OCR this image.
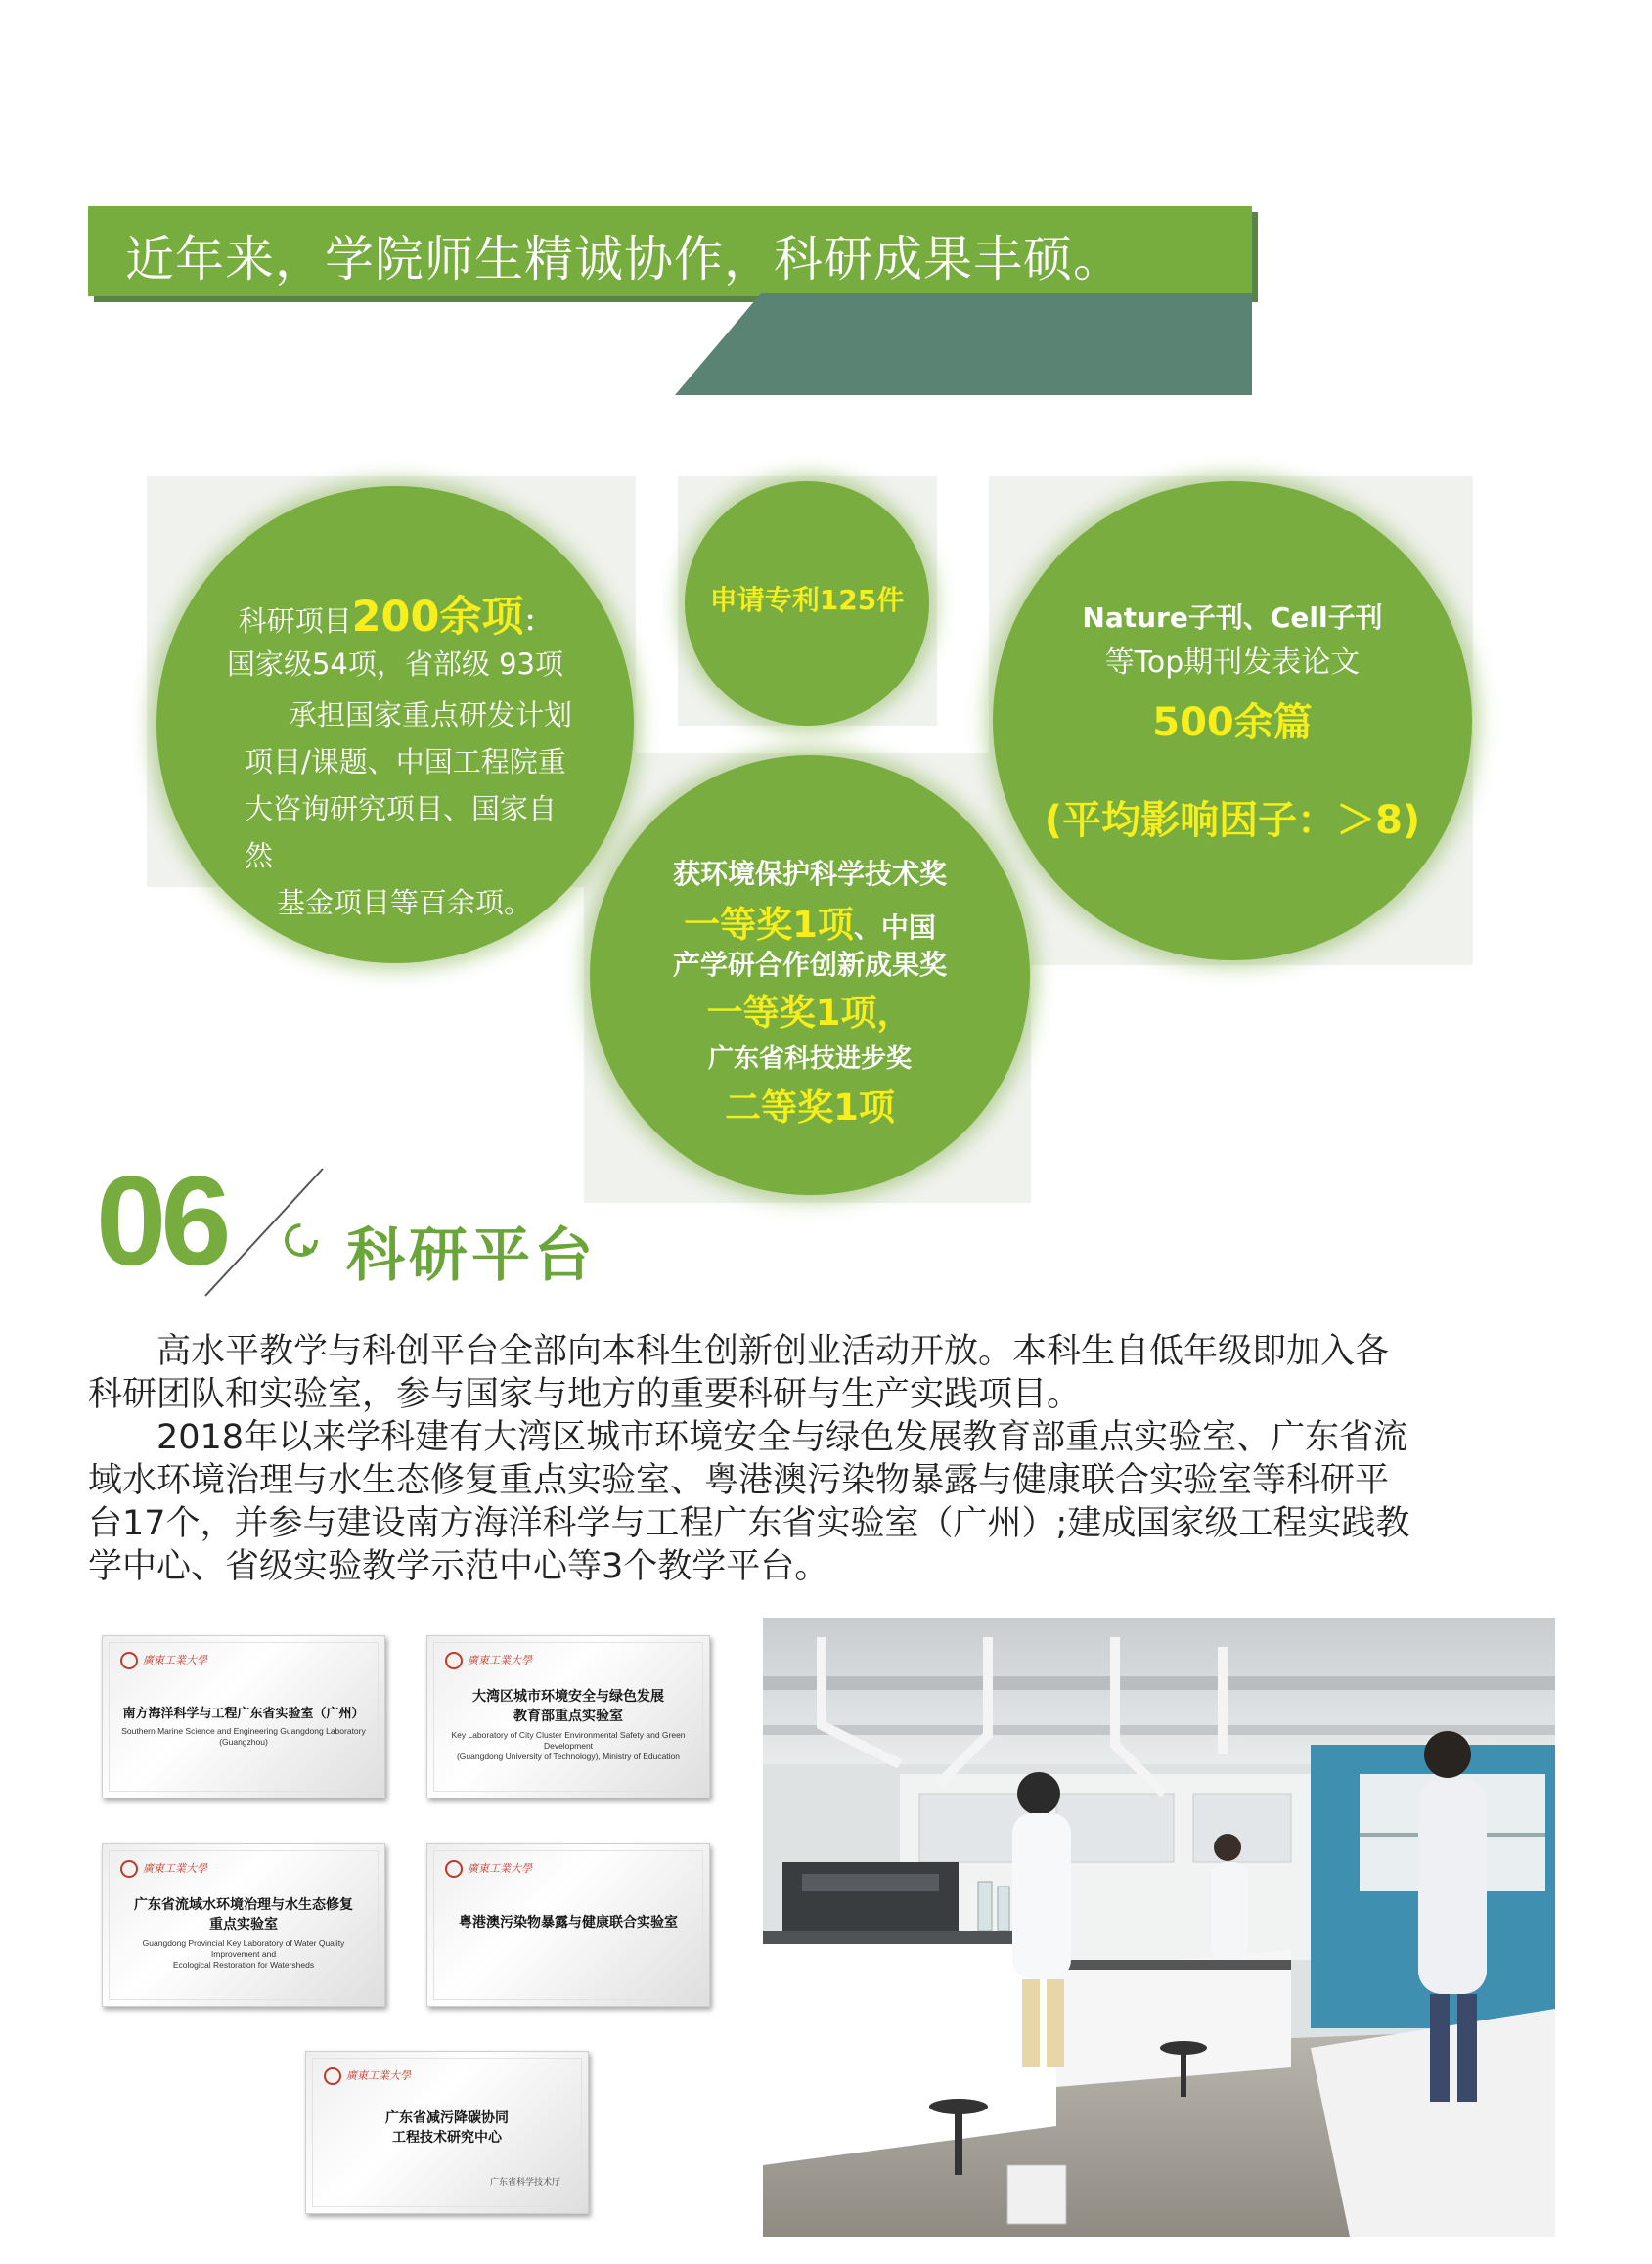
近年来，学院师生精诚协作，科研成果丰硕。
科研项目200余项：
国家级54项，省部级 93项
承担国家重点研发计划
项目/课题、中国工程院重
大咨询研究项目、国家自然
基金项目等百余项。
申请专利125件
Nature子刊、Cell子刊
等Top期刊发表论文
500余篇
(平均影响因子：＞8)
获环境保护科学技术奖
一等奖1项、中国
产学研合作创新成果奖
一等奖1项，
广东省科技进步奖
二等奖1项
06 科研平台
　　高水平教学与科创平台全部向本科生创新创业活动开放。本科生自低年级即加入各
科研团队和实验室，参与国家与地方的重要科研与生产实践项目。
　　2018年以来学科建有大湾区城市环境安全与绿色发展教育部重点实验室、广东省流
域水环境治理与水生态修复重点实验室、粤港澳污染物暴露与健康联合实验室等科研平
台17个，并参与建设南方海洋科学与工程广东省实验室（广州）;建成国家级工程实践教
学中心、省级实验教学示范中心等3个教学平台。
廣東工業大學
南方海洋科学与工程广东省实验室（广州）
Southern Marine Science and Engineering Guangdong Laboratory (Guangzhou)
廣東工業大學
大湾区城市环境安全与绿色发展
教育部重点实验室
Key Laboratory of City Cluster Environmental Safety and Green Development
(Guangdong University of Technology), Ministry of Education
廣東工業大學
广东省流域水环境治理与水生态修复
重点实验室
Guangdong Provincial Key Laboratory of Water Quality Improvement and
Ecological Restoration for Watersheds
廣東工業大學
粤港澳污染物暴露与健康联合实验室
廣東工業大學
广东省减污降碳协同
工程技术研究中心
广东省科学技术厅
